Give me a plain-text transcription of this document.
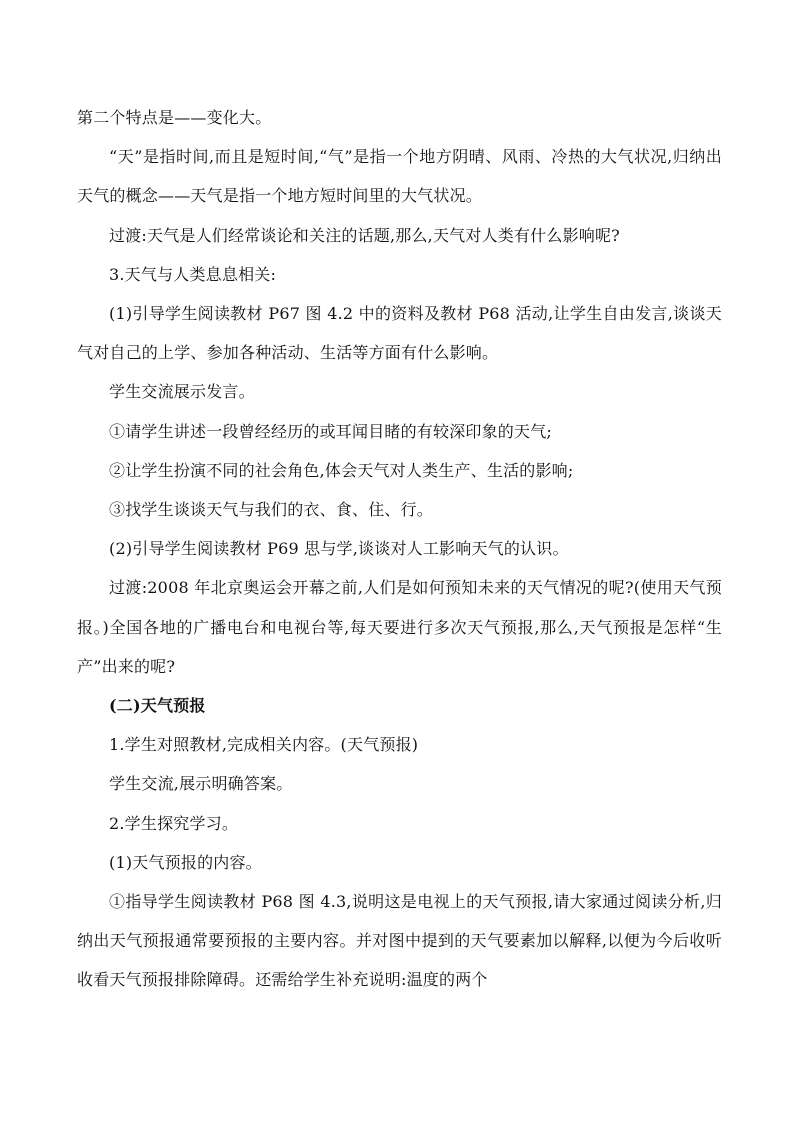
第二个特点是——变化大。

“天”是指时间,而且是短时间,“气”是指一个地方阴晴、风雨、冷热的大气状况,归纳出天气的概念——天气是指一个地方短时间里的大气状况。

过渡:天气是人们经常谈论和关注的话题,那么,天气对人类有什么影响呢?

3.天气与人类息息相关:

(1)引导学生阅读教材 P67 图 4.2 中的资料及教材 P68 活动,让学生自由发言,谈谈天气对自己的上学、参加各种活动、生活等方面有什么影响。

学生交流展示发言。

①请学生讲述一段曾经经历的或耳闻目睹的有较深印象的天气;

②让学生扮演不同的社会角色,体会天气对人类生产、生活的影响;

③找学生谈谈天气与我们的衣、食、住、行。

(2)引导学生阅读教材 P69 思与学,谈谈对人工影响天气的认识。

过渡:2008 年北京奥运会开幕之前,人们是如何预知未来的天气情况的呢?(使用天气预报。)全国各地的广播电台和电视台等,每天要进行多次天气预报,那么,天气预报是怎样“生产”出来的呢?

(二)天气预报

1.学生对照教材,完成相关内容。(天气预报)

学生交流,展示明确答案。

2.学生探究学习。

(1)天气预报的内容。

①指导学生阅读教材 P68 图 4.3,说明这是电视上的天气预报,请大家通过阅读分析,归纳出天气预报通常要预报的主要内容。并对图中提到的天气要素加以解释,以便为今后收听收看天气预报排除障碍。还需给学生补充说明:温度的两个
